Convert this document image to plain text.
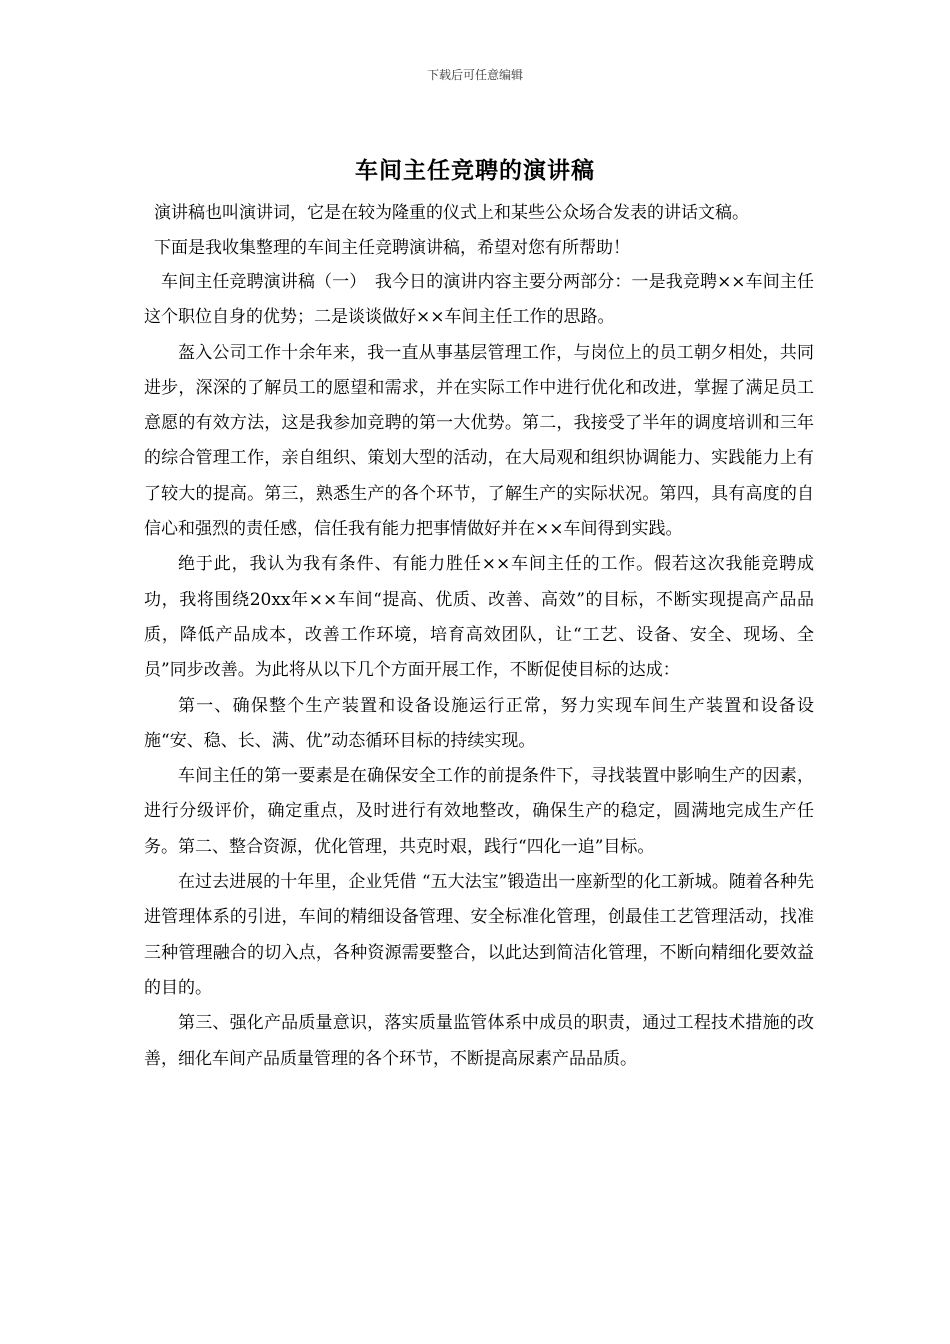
下载后可任意编辑
车间主任竞聘的演讲稿
演讲稿也叫演讲词，它是在较为隆重的仪式上和某些公众场合发表的讲话文稿。
下面是我收集整理的车间主任竞聘演讲稿，希望对您有所帮助！

车间主任竞聘演讲稿（一）　我今日的演讲内容主要分两部分：一是我竞聘××车间主任这个职位自身的优势；二是谈谈做好××车间主任工作的思路。

盔入公司工作十余年来，我一直从事基层管理工作，与岗位上的员工朝夕相处，共同进步，深深的了解员工的愿望和需求，并在实际工作中进行优化和改进，掌握了满足员工意愿的有效方法，这是我参加竞聘的第一大优势。第二，我接受了半年的调度培训和三年的综合管理工作，亲自组织、策划大型的活动，在大局观和组织协调能力、实践能力上有了较大的提高。第三，熟悉生产的各个环节，了解生产的实际状况。第四，具有高度的自信心和强烈的责任感，信任我有能力把事情做好并在××车间得到实践。

绝于此，我认为我有条件、有能力胜任××车间主任的工作。假若这次我能竞聘成功，我将围绕20xx年××车间“提高、优质、改善、高效”的目标，不断实现提高产品品质，降低产品成本，改善工作环境，培育高效团队，让“工艺、设备、安全、现场、全员”同步改善。为此将从以下几个方面开展工作，不断促使目标的达成：

第一、确保整个生产装置和设备设施运行正常，努力实现车间生产装置和设备设施“安、稳、长、满、优”动态循环目标的持续实现。

车间主任的第一要素是在确保安全工作的前提条件下，寻找装置中影响生产的因素，进行分级评价，确定重点，及时进行有效地整改，确保生产的稳定，圆满地完成生产任务。第二、整合资源，优化管理，共克时艰，践行“四化一追”目标。

在过去进展的十年里，企业凭借 “五大法宝”锻造出一座新型的化工新城。随着各种先进管理体系的引进，车间的精细设备管理、安全标准化管理，创最佳工艺管理活动，找准三种管理融合的切入点，各种资源需要整合，以此达到简洁化管理，不断向精细化要效益的目的。

第三、强化产品质量意识，落实质量监管体系中成员的职责，通过工程技术措施的改善，细化车间产品质量管理的各个环节，不断提高尿素产品品质。
